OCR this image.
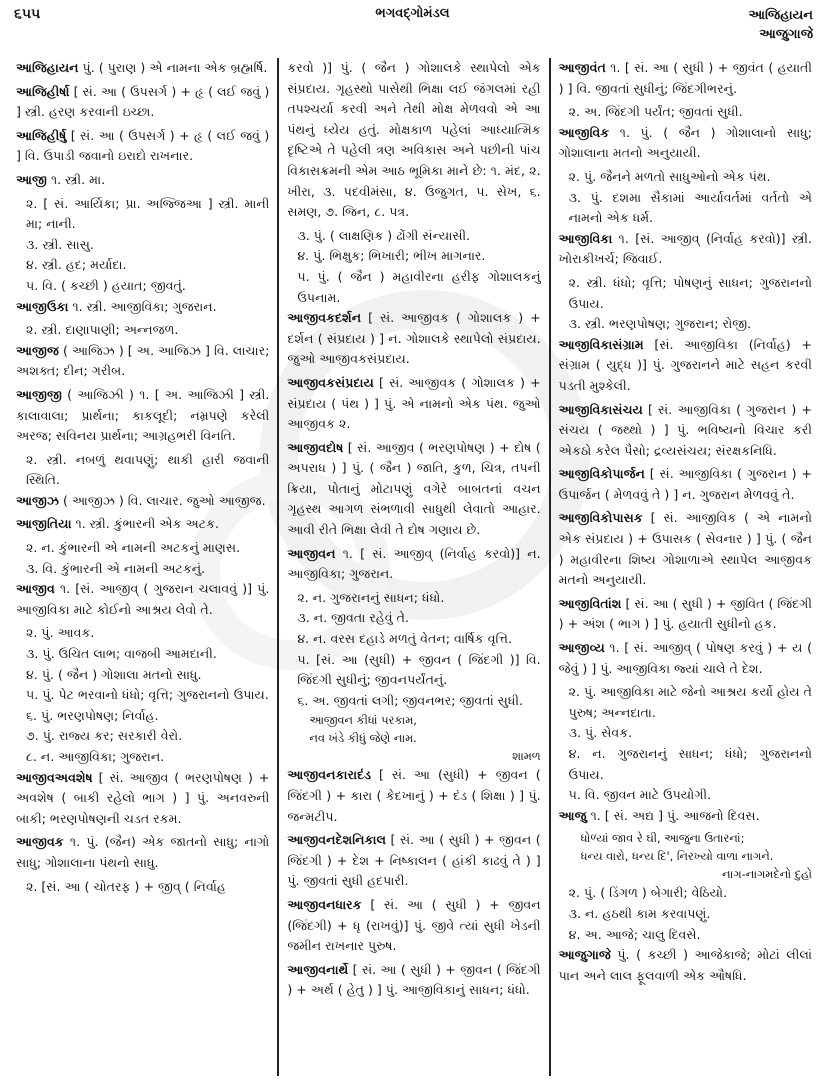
૬૫૫	ભગવદ્ગોમંડલ	આજિહાયન
આજુગાજે
આજિહાયન પું. ( પુરાણ ) એ નામના એક બ્રહ્મર્ષિ.
આજિહીર્ષા [ સં. આ ( ઉપસર્ગ ) + હૃ ( લઈ જવું ) ] સ્ત્રી. હરણ કરવાની ઇચ્છા.
આજિહીર્ષુ [ સં. આ ( ઉપસર્ગ ) + હૃ ( લઈ જવું ) ] વિ. ઉપાડી જવાનો ઇરાદો રાખનાર.
આજી ૧. સ્ત્રી. મા.
૨. [ સં. આર્યિકા; પ્રા. અજ્જિઆ ] સ્ત્રી. માની મા; નાની.
૩. સ્ત્રી. સાસુ.
૪. સ્ત્રી. હદ; મર્યાદા.
૫. વિ. ( કચ્છી ) હયાત; જીવતું.
આજીઉકા ૧. સ્ત્રી. આજીવિકા; ગુજરાન.
૨. સ્ત્રી. દાણાપાણી; અન્નજળ.
આજીજ ( આજિઝ ) [ અ. આજિઝ ] વિ. લાચાર; અશક્ત; દીન; ગરીબ.
આજીજી ( આજિઝી ) ૧. [ અ. આજિઝી ] સ્ત્રી. કાલાવાલા; પ્રાર્થના; કાકલૂદી; નમ્રપણે કરેલી અરજ; સવિનય પ્રાર્થના; આગ્રહભરી વિનતિ.
૨. સ્ત્રી. નબળું થવાપણું; થાકી હારી જવાની સ્થિતિ.
આજીઝ ( આજીઝ ) વિ. લાચાર. જુઓ આજીજ.
આજીતિયા ૧. સ્ત્રી. કુંભારની એક અટક.
૨. ન. કુંભારની એ નામની અટકનું માણસ.
૩. વિ. કુંભારની એ નામની અટકનું.
આજીવ ૧. [સં. આજીવ્ ( ગુજરાન ચલાવવું )] પું. આજીવિકા માટે કોઈનો આશ્રય લેવો તે.
૨. પું. આવક.
૩. પું. ઉચિત લાભ; વાજબી આમદાની.
૪. પું. ( જૈન ) ગોશાલા મતનો સાધુ.
૫. પું. પેટ ભરવાનો ધંધો; વૃત્તિ; ગુજરાનનો ઉપાય.
૬. પું. ભરણપોષણ; નિર્વાહ.
૭. પું. રાજ્ય કર; સરકારી વેરો.
૮. ન. આજીવિકા; ગુજરાન.
આજીવઅવશેષ [ સં. આજીવ ( ભરણપોષણ ) + અવશેષ ( બાકી રહેલો ભાગ ) ] પું. અનવરુની બાકી; ભરણપોષણની ચડત રકમ.
આજીવક ૧. પું. (જૈન) એક જાતનો સાધુ; નાગો સાધુ; ગોશાલાના પંથનો સાધુ.
૨. [સં. આ ( ચોતરફ ) + જીવ્ ( નિર્વાહ
કરવો )] પું. ( જૈન ) ગોશાલકે સ્થાપેલો એક સંપ્રદાય. ગૃહસ્થો પાસેથી ભિક્ષા લઈ જંગલમાં રહી તપશ્ચર્યા કરવી અને તેથી મોક્ષ મેળવવો એ આ પંથનું ધ્યેય હતું. મોક્ષકાળ પહેલાં આધ્યાત્મિક દૃષ્ટિએ તે પહેલી ત્રણ અવિકાસ અને પછીની પાંચ વિકાસક્રમની એમ આઠ ભૂમિકા માને છે: ૧. મંદ, ૨. ખીરા, ૩. પદવીમંસા, ૪. ઉજુગત, ૫. સેખ, ૬. સમણ, ૭. જિન, ૮. પત્ર.
૩. પું. ( લાક્ષણિક ) ઢોંગી સંન્યાસી.
૪. પું. ભિક્ષુક; ભિખારી; ભીખ માગનાર.
૫. પું. ( જૈન ) મહાવીરના હરીફ ગોશાલકનું ઉપનામ.
આજીવકદર્શન [ સં. આજીવક ( ગોશાલક ) + દર્શન ( સંપ્રદાય ) ] ન. ગોશાલકે સ્થાપેલો સંપ્રદાય. જુઓ આજીવકસંપ્રદાય.
આજીવકસંપ્રદાય [ સં. આજીવક ( ગોશાલક ) + સંપ્રદાય ( પંથ ) ] પું. એ નામનો એક પંથ. જુઓ આજીવક ૨.
આજીવદોષ [ સં. આજીવ ( ભરણપોષણ ) + દોષ ( અપરાધ ) ] પું. ( જૈન ) જાતિ, કુળ, ચિત્ર, તપની ક્રિયા, પોતાનું મોટાપણું વગેરે બાબતનાં વચન ગૃહસ્થ આગળ સંભળાવી સાધુથી લેવાતો આહાર. આવી રીતે ભિક્ષા લેવી તે દોષ ગણાય છે.
આજીવન ૧. [ સં. આજીવ્ (નિર્વાહ કરવો)] ન. આજીવિકા; ગુજરાન.
૨. ન. ગુજરાનનું સાધન; ધંધો.
૩. ન. જીવતા રહેવું તે.
૪. ન. વરસ દહાડે મળતું વેતન; વાર્ષિક વૃત્તિ.
૫. [સં. આ (સુધી) + જીવન ( જિંદગી )] વિ. જિંદગી સુધીનું; જીવનપર્યંતનું.
૬. અ. જીવતાં લગી; જીવનભર; જીવતાં સુધી.
આજીવન કીધાં પરકામ,
નવ ખંડે કીધું જેણે નામ.
શામળ
આજીવનકારાદંડ [ સં. આ (સુધી) + જીવન ( જિંદગી ) + કારા ( કેદખાનું ) + દંડ ( શિક્ષા ) ] પું. જન્મટીપ.
આજીવનદેશનિકાલ [ સં. આ ( સુધી ) + જીવન ( જિંદગી ) + દેશ + નિષ્કાલન ( હાંકી કાઢવું તે ) ] પું. જીવતાં સુધી હદપારી.
આજીવનધારક [ સં. આ ( સુધી ) + જીવન (જિંદગી) + ધૃ (રાખવું)] પું. જીવે ત્યાં સુધી ખેડની જમીન રાખનાર પુરુષ.
આજીવનાર્થે [ સં. આ ( સુધી ) + જીવન ( જિંદગી ) + અર્થ ( હેતુ ) ] પું. આજીવિકાનું સાધન; ધંધો.
આજીવંત ૧. [ સં. આ ( સુધી ) + જીવંત ( હયાતી ) ] વિ. જીવતાં સુધીનું; જિંદગીભરનું.
૨. અ. જિંદગી પર્યંત; જીવતાં સુધી.
આજીવિક ૧. પું. ( જૈન ) ગોશાલાનો સાધુ; ગોશાલાના મતનો અનુયાયી.
૨. પું. જૈનને મળતો સાધુઓનો એક પંથ.
૩. પું. દશમા સૈકામાં આર્યાવર્તમાં વર્તતો એ નામનો એક ધર્મ.
આજીવિકા ૧. [સં. આજીવ્ (નિર્વાહ કરવો)] સ્ત્રી. ખોરાકીખર્ચ; જિવાઈ.
૨. સ્ત્રી. ધંધો; વૃત્તિ; પોષણનું સાધન; ગુજરાનનો ઉપાય.
૩. સ્ત્રી. ભરણપોષણ; ગુજરાન; રોજી.
આજીવિકાસંગ્રામ [સં. આજીવિકા (નિર્વાહ) + સંગ્રામ ( યુદ્ધ )] પું. ગુજરાનને માટે સહન કરવી પડતી મુશ્કેલી.
આજીવિકાસંચય [ સં. આજીવિકા ( ગુજરાન ) + સંચય ( જથ્થો ) ] પું. ભવિષ્યનો વિચાર કરી એકઠો કરેલ પૈસો; દ્રવ્યસંચય; સંરક્ષકનિધિ.
આજીવિકોપાર્જન [ સં. આજીવિકા ( ગુજરાન ) + ઉપાર્જન ( મેળવવું તે ) ] ન. ગુજરાન મેળવવું તે.
આજીવિકોપાસક [ સં. આજીવિક ( એ નામનો એક સંપ્રદાય ) + ઉપાસક ( સેવનાર ) ] પું. ( જૈન ) મહાવીરના શિષ્ય ગોશાળાએ સ્થાપેલ આજીવક મતનો અનુયાયી.
આજીવિતાંશ [ સં. આ ( સુધી ) + જીવિત ( જિંદગી ) + અંશ ( ભાગ ) ] પું. હયાતી સુધીનો હક.
આજીવ્ય ૧. [ સં. આજીવ્ ( પોષણ કરવું ) + ય ( જેવું ) ] પું. આજીવિકા જ્યાં ચાલે તે દેશ.
૨. પું. આજીવિકા માટે જેનો આશ્રય કર્યો હોય તે પુરુષ; અન્નદાતા.
૩. પું. સેવક.
૪. ન. ગુજરાનનું સાધન; ધંધો; ગુજરાનનો ઉપાય.
૫. વિ. જીવન માટે ઉપયોગી.
આજુ ૧. [ સં. અદ્ય ] પું. આજનો દિવસ.
ધોળ્યાં જાવ રે ઘી, આજુના ઉતારનાં;
ધન્ય વારો, ધન્ય દિ', નિરખ્યો વાળા નાગને.
નાગ-નાગમદેનો દુહો
૨. પું. ( ડિંગળ ) બેગારી; વેઠિયો.
૩. ન. હઠથી કામ કરવાપણું.
૪. અ. આજે; ચાલુ દિવસે.
આજુગાજે પું. ( કચ્છી ) આજેકાજે; મોટાં લીલાં પાન અને લાલ ફૂલવાળી એક ઔષધિ.
